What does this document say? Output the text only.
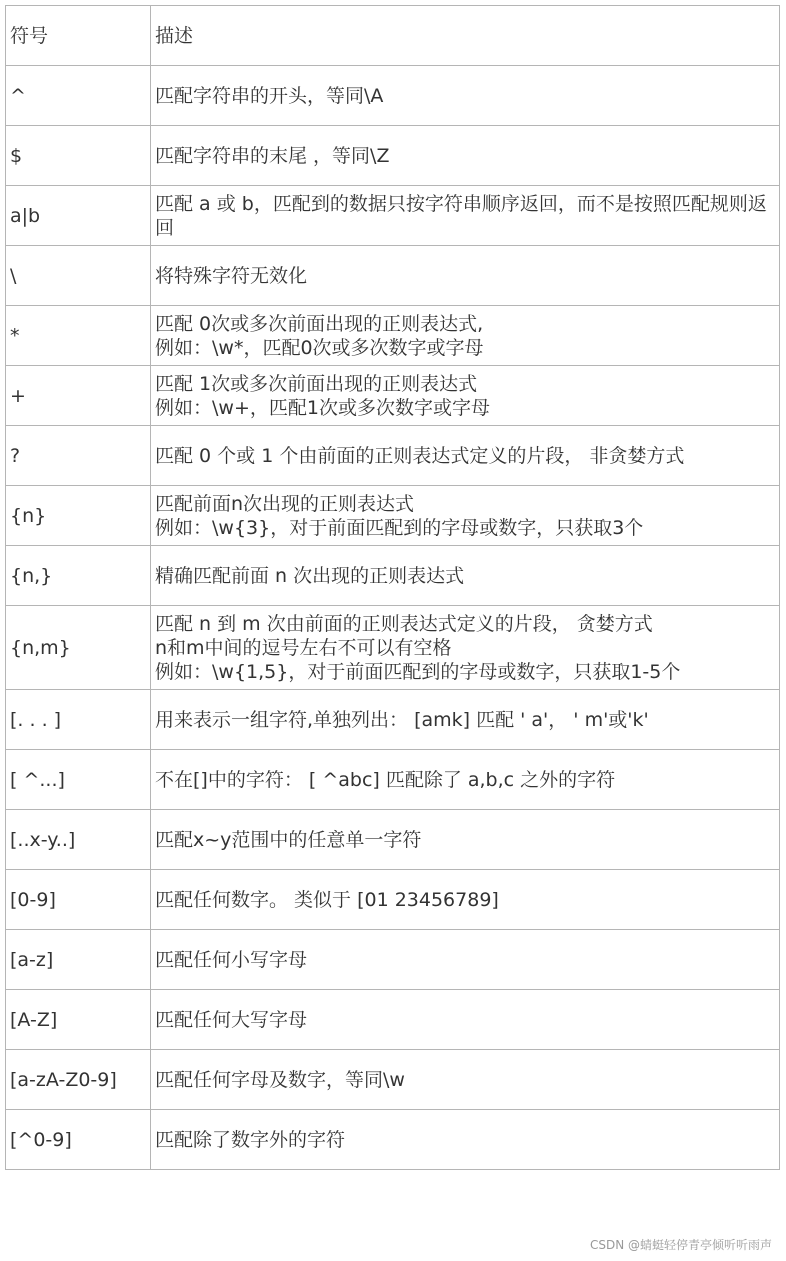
符号	描述
^	匹配字符串的开头，等同\A
$	匹配字符串的末尾 ，等同\Z
a|b	匹配 a 或 b，匹配到的数据只按字符串顺序返回，而不是按照匹配规则返回
\	将特殊字符无效化
*	匹配 0次或多次前面出现的正则表达式,
例如：\w*，匹配0次或多次数字或字母
+	匹配 1次或多次前面出现的正则表达式
例如：\w+，匹配1次或多次数字或字母
?	匹配 0 个或 1 个由前面的正则表达式定义的片段， 非贪婪方式
{n}	匹配前面n次出现的正则表达式
例如：\w{3}，对于前面匹配到的字母或数字，只获取3个
{n,}	精确匹配前面 n 次出现的正则表达式
{n,m}	匹配 n 到 m 次由前面的正则表达式定义的片段， 贪婪方式
n和m中间的逗号左右不可以有空格
例如：\w{1,5}，对于前面匹配到的字母或数字，只获取1-5个
[. . . ]	用来表示一组字符,单独列出： [amk] 匹配 ' a'， ' m'或'k'
[ ^...]	不在[]中的字符： [ ^abc] 匹配除了 a,b,c 之外的字符
[..x-y..]	匹配x~y范围中的任意单一字符
[0-9]	匹配任何数字。 类似于 [01 23456789]
[a-z]	匹配任何小写字母
[A-Z]	匹配任何大写字母
[a-zA-Z0-9]	匹配任何字母及数字，等同\w
[^0-9]	匹配除了数字外的字符
CSDN @蜻蜓轻停青亭倾听听雨声
